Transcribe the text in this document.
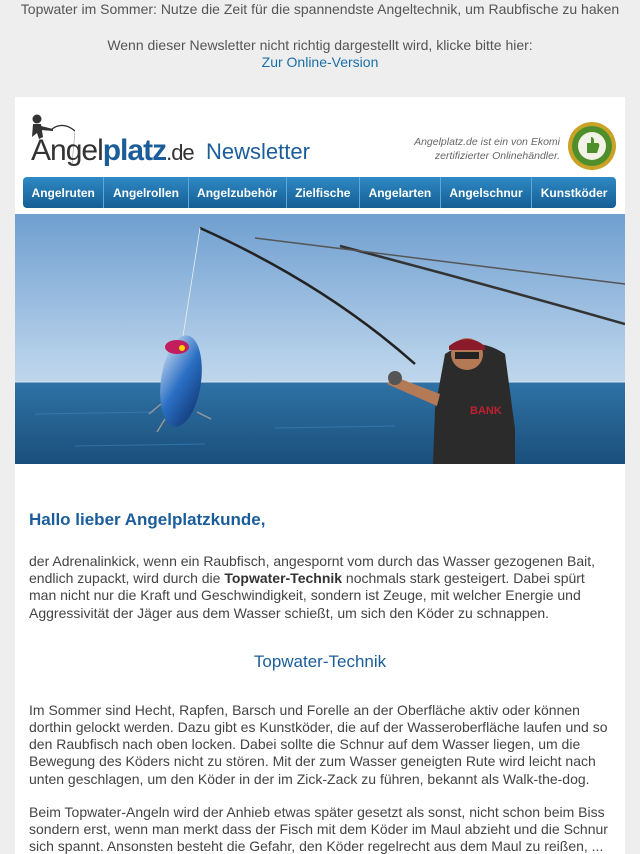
Topwater im Sommer: Nutze die Zeit für die spannendste Angeltechnik, um Raubfische zu haken
Wenn dieser Newsletter nicht richtig dargestellt wird, klicke bitte hier:
Zur Online-Version
Angelplatz.de Newsletter	Angelplatz.de ist ein von Ekomi
zertifizierter Onlinehändler.
Angelruten	Angelrollen	Angelzubehör	Zielfische	Angelarten	Angelschnur	Kunstköder
BANK
Hallo lieber Angelplatzkunde,

der Adrenalinkick, wenn ein Raubfisch, angespornt vom durch das Wasser gezogenen Bait, endlich zupackt, wird durch die Topwater-Technik nochmals stark gesteigert. Dabei spürt man nicht nur die Kraft und Geschwindigkeit, sondern ist Zeuge, mit welcher Energie und Aggressivität der Jäger aus dem Wasser schießt, um sich den Köder zu schnappen.

Topwater-Technik

Im Sommer sind Hecht, Rapfen, Barsch und Forelle an der Oberfläche aktiv oder können dorthin gelockt werden. Dazu gibt es Kunstköder, die auf der Wasseroberfläche laufen und so den Raubfisch nach oben locken. Dabei sollte die Schnur auf dem Wasser liegen, um die Bewegung des Köders nicht zu stören. Mit der zum Wasser geneigten Rute wird leicht nach unten geschlagen, um den Köder in der im Zick-Zack zu führen, bekannt als Walk-the-dog.

Beim Topwater-Angeln wird der Anhieb etwas später gesetzt als sonst, nicht schon beim Biss sondern erst, wenn man merkt dass der Fisch mit dem Köder im Maul abzieht und die Schnur sich spannt. Ansonsten besteht die Gefahr, den Köder regelrecht aus dem Maul zu reißen, ...
